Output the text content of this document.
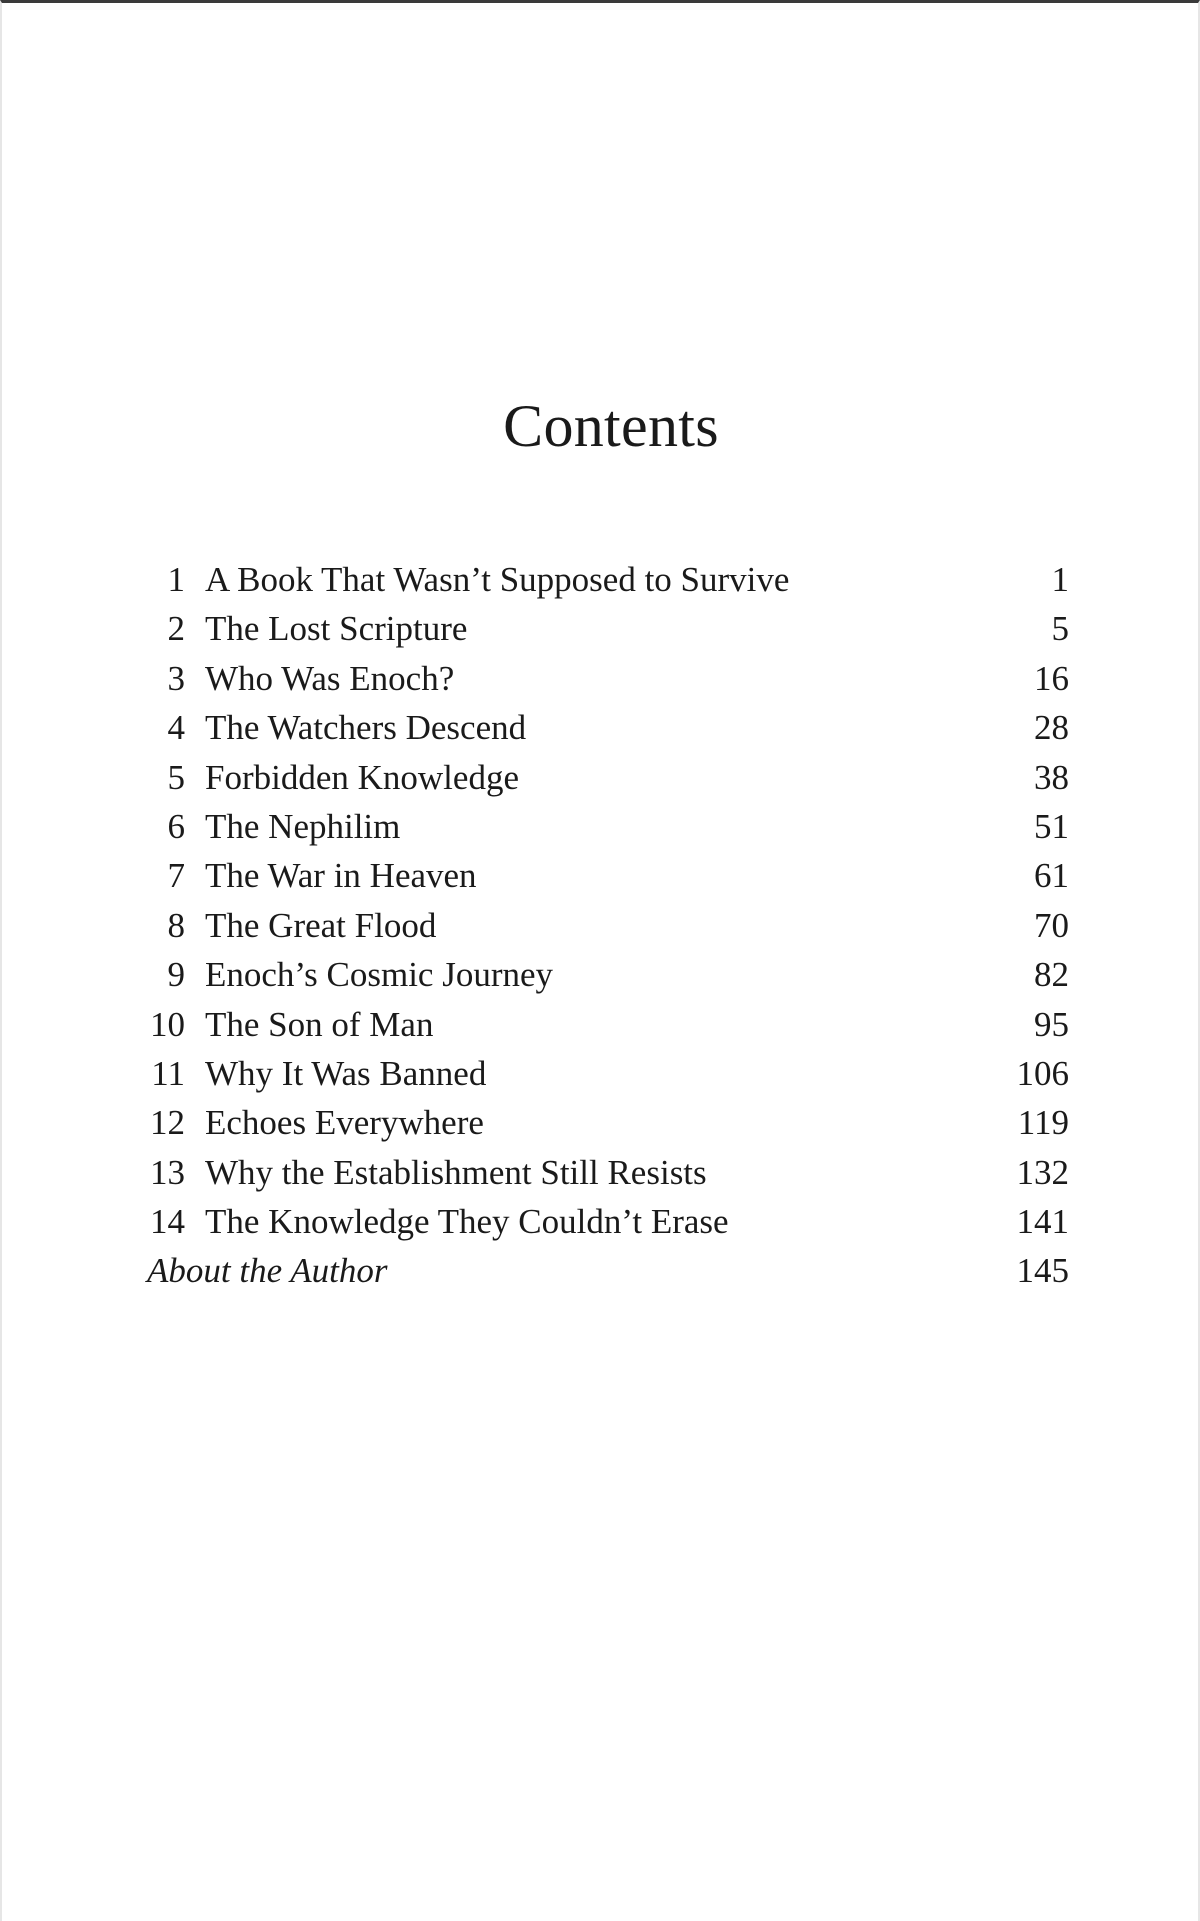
Contents
1 A Book That Wasn’t Supposed to Survive	1
2 The Lost Scripture	5
3 Who Was Enoch?	16
4 The Watchers Descend	28
5 Forbidden Knowledge	38
6 The Nephilim	51
7 The War in Heaven	61
8 The Great Flood	70
9 Enoch’s Cosmic Journey	82
10 The Son of Man	95
11 Why It Was Banned	106
12 Echoes Everywhere	119
13 Why the Establishment Still Resists	132
14 The Knowledge They Couldn’t Erase	141
About the Author	145
